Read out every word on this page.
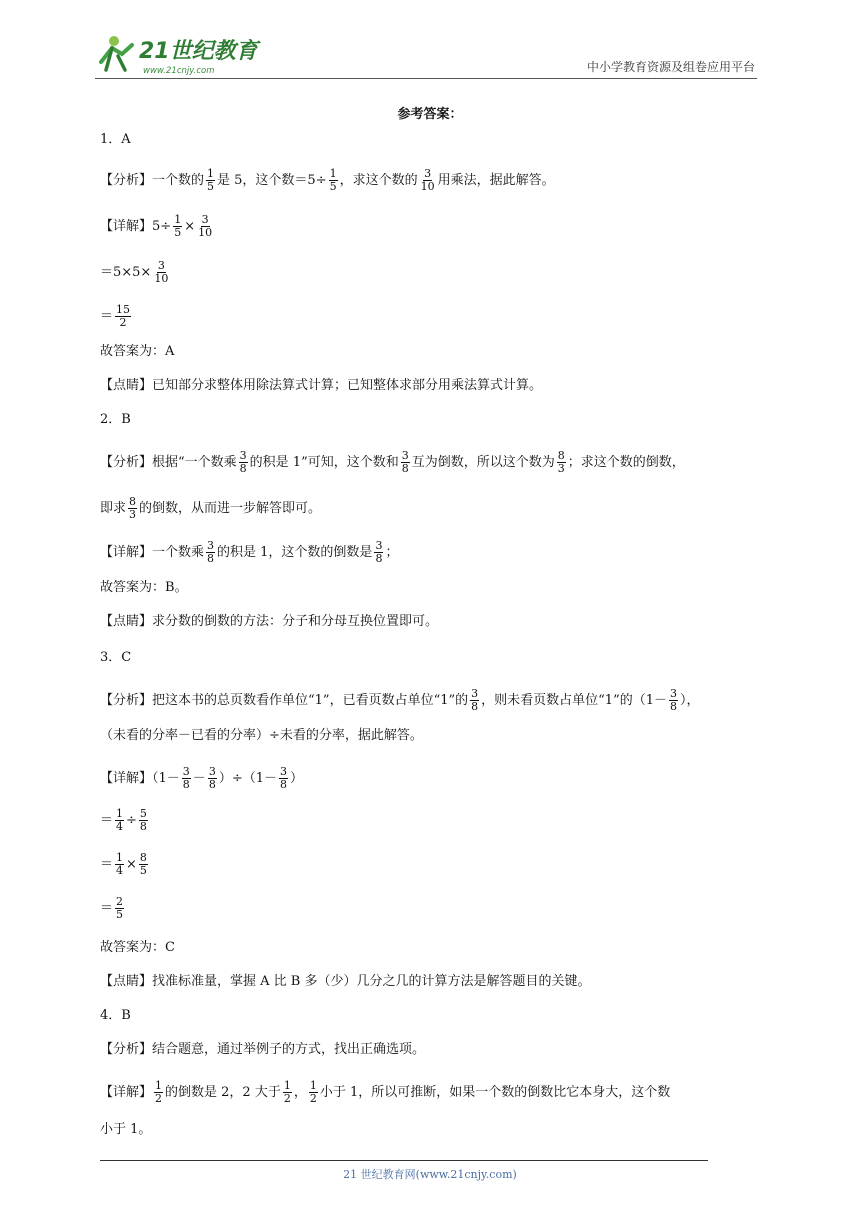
21世纪教育
www.21cnjy.com	中小学教育资源及组卷应用平台
参考答案：
1．A
【分析】一个数的 $\frac{1}{5}$ 是 5，这个数$=5\div \frac{1}{5}$ ，求这个数的 $\frac{3}{10}$ 用乘法，据此解答。
【详解】$5\div \frac{1}{5} \times \frac{3}{10}$
$=5\times 5\times \frac{3}{10}$
＝ $\frac{15}{2}$
故答案为：A
【点睛】已知部分求整体用除法算式计算；已知整体求部分用乘法算式计算。
2．B
【分析】根据“一个数乘 $\frac{3}{8}$ 的积是 1”可知，这个数和 $\frac{3}{8}$ 互为倒数，所以这个数为 $\frac{8}{3}$ ；求这个数的倒数，
即求 $\frac{8}{3}$ 的倒数，从而进一步解答即可。
【详解】一个数乘 $\frac{3}{8}$ 的积是 1，这个数的倒数是 $\frac{3}{8}$ ；
故答案为：B。
【点睛】求分数的倒数的方法：分子和分母互换位置即可。
3．C
【分析】把这本书的总页数看作单位“1”，已看页数占单位“1”的 $\frac{3}{8}$ ，则未看页数占单位“1”的（$1- \frac{3}{8}$ ），
（未看的分率－已看的分率）÷未看的分率，据此解答。
【详解】$(1- \frac{3}{8} - \frac{3}{8} )\div(1- \frac{3}{8}$ ）
＝ $\frac{1}{4} \div \frac{5}{8}$
＝ $\frac{1}{4} \times \frac{8}{5}$
＝ $\frac{2}{5}$
故答案为：C
【点睛】找准标准量，掌握 A 比 B 多（少）几分之几的计算方法是解答题目的关键。
4．B
【分析】结合题意，通过举例子的方式，找出正确选项。
【详解】 $\frac{1}{2}$ 的倒数是 2，2 大于 $\frac{1}{2}$ ， $\frac{1}{2}$ 小于 1，所以可推断，如果一个数的倒数比它本身大，这个数
小于 1。
21 世纪教育网(www.21cnjy.com)
